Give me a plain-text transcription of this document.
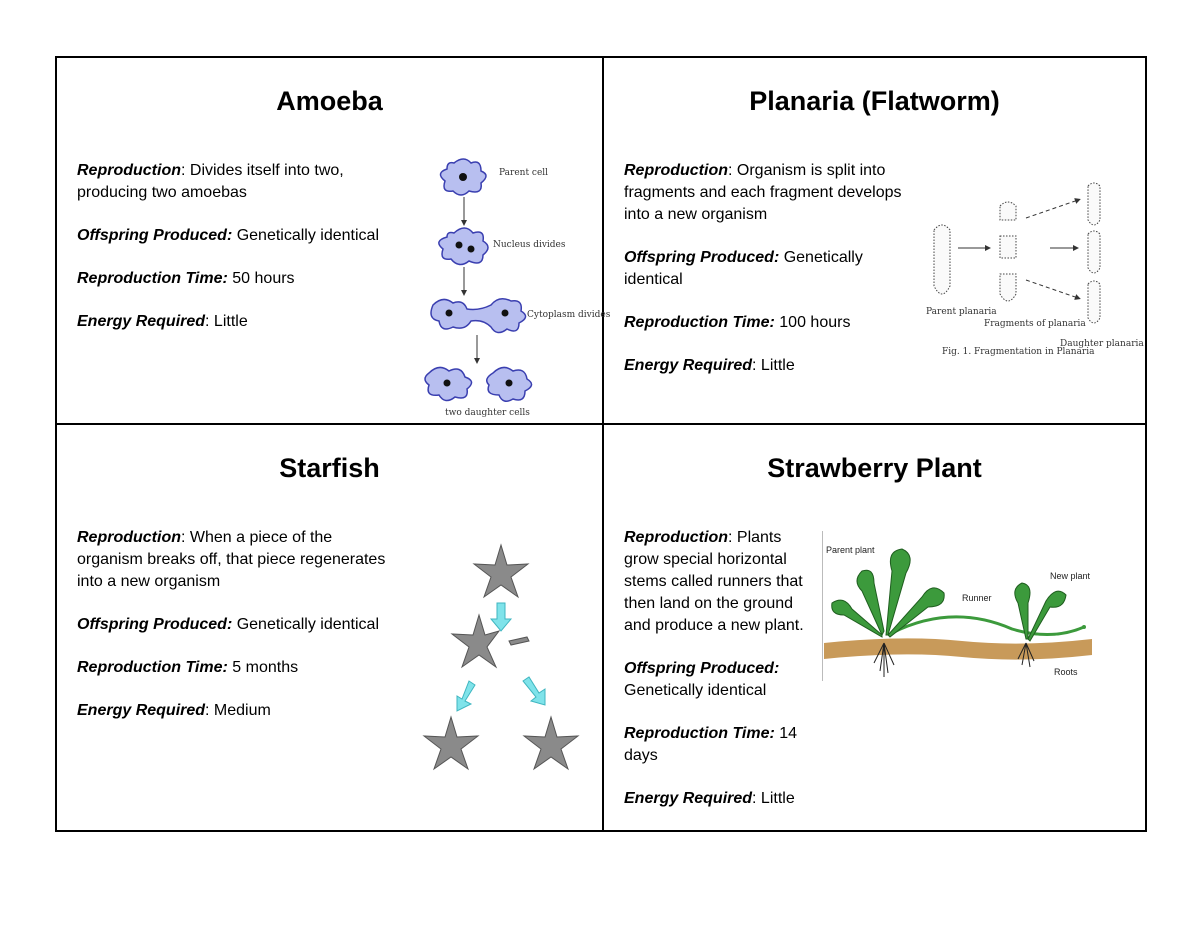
Amoeba

Reproduction: Divides itself into two, producing two amoebas

Offspring Produced: Genetically identical

Reproduction Time: 50 hours

Energy Required: Little

Parent cell
Nucleus divides
Cytoplasm divides
two daughter cells
Planaria (Flatworm)

Reproduction: Organism is split into fragments and each fragment develops into a new organism

Offspring Produced: Genetically identical

Reproduction Time: 100 hours

Energy Required: Little

Parent planaria
Fragments of planaria
Daughter planaria
Fig. 1. Fragmentation in Planaria
Starfish

Reproduction: When a piece of the organism breaks off, that piece regenerates into a new organism

Offspring Produced: Genetically identical

Reproduction Time: 5 months

Energy Required: Medium

Strawberry Plant

Reproduction: Plants grow special horizontal stems called runners that then land on the ground and produce a new plant.

Offspring Produced: Genetically identical

Reproduction Time: 14 days

Energy Required: Little

Parent plant
Runner
New plant
Roots
